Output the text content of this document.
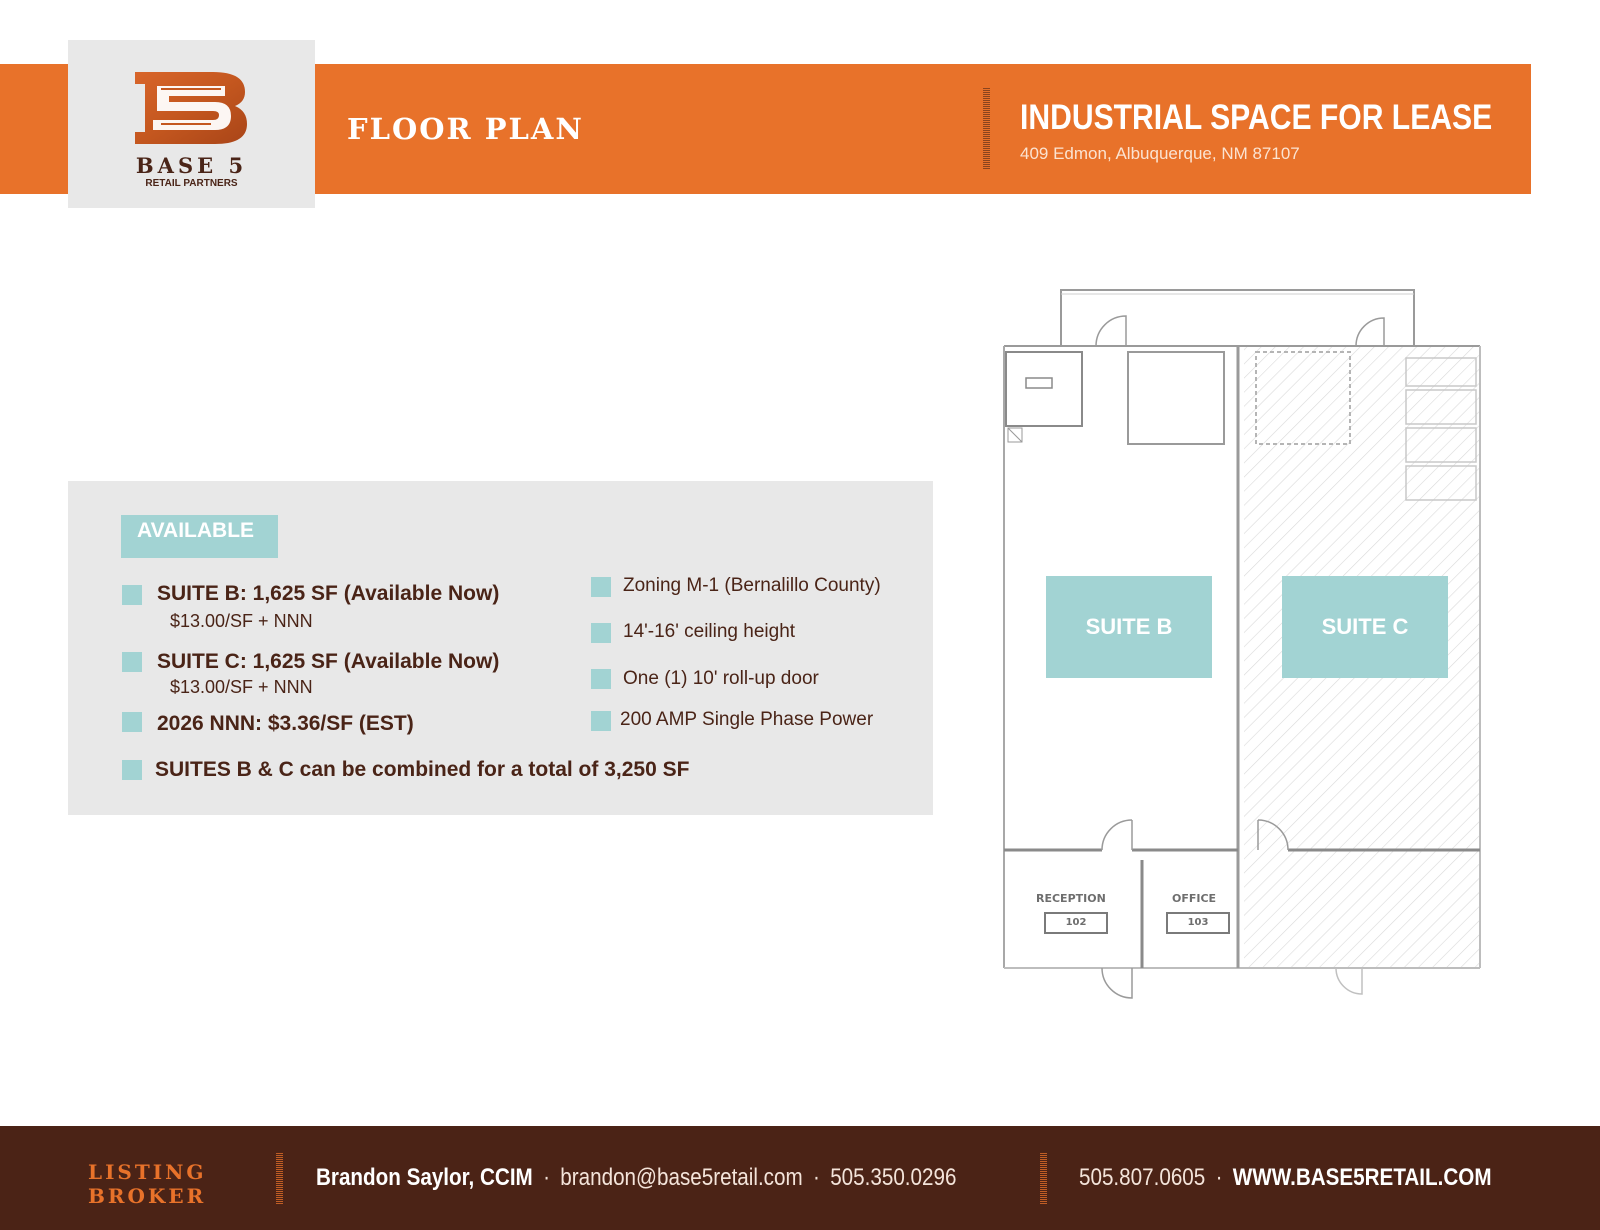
BASE 5
RETAIL PARTNERS
FLOOR PLAN	INDUSTRIAL SPACE FOR LEASE
409 Edmon, Albuquerque, NM 87107
AVAILABLE
SUITE B: 1,625 SF (Available Now)
$13.00/SF + NNN
SUITE C: 1,625 SF (Available Now)
$13.00/SF + NNN
2026 NNN: $3.36/SF (EST)
SUITES B & C can be combined for a total of 3,250 SF
Zoning M-1 (Bernalillo County)
14'-16' ceiling height
One (1) 10' roll-up door
200 AMP Single Phase Power
SUITE B	SUITE C
RECEPTION
102
OFFICE
103
LISTING
BROKER
Brandon Saylor, CCIM · brandon@base5retail.com · 505.350.0296	505.807.0605 · WWW.BASE5RETAIL.COM
